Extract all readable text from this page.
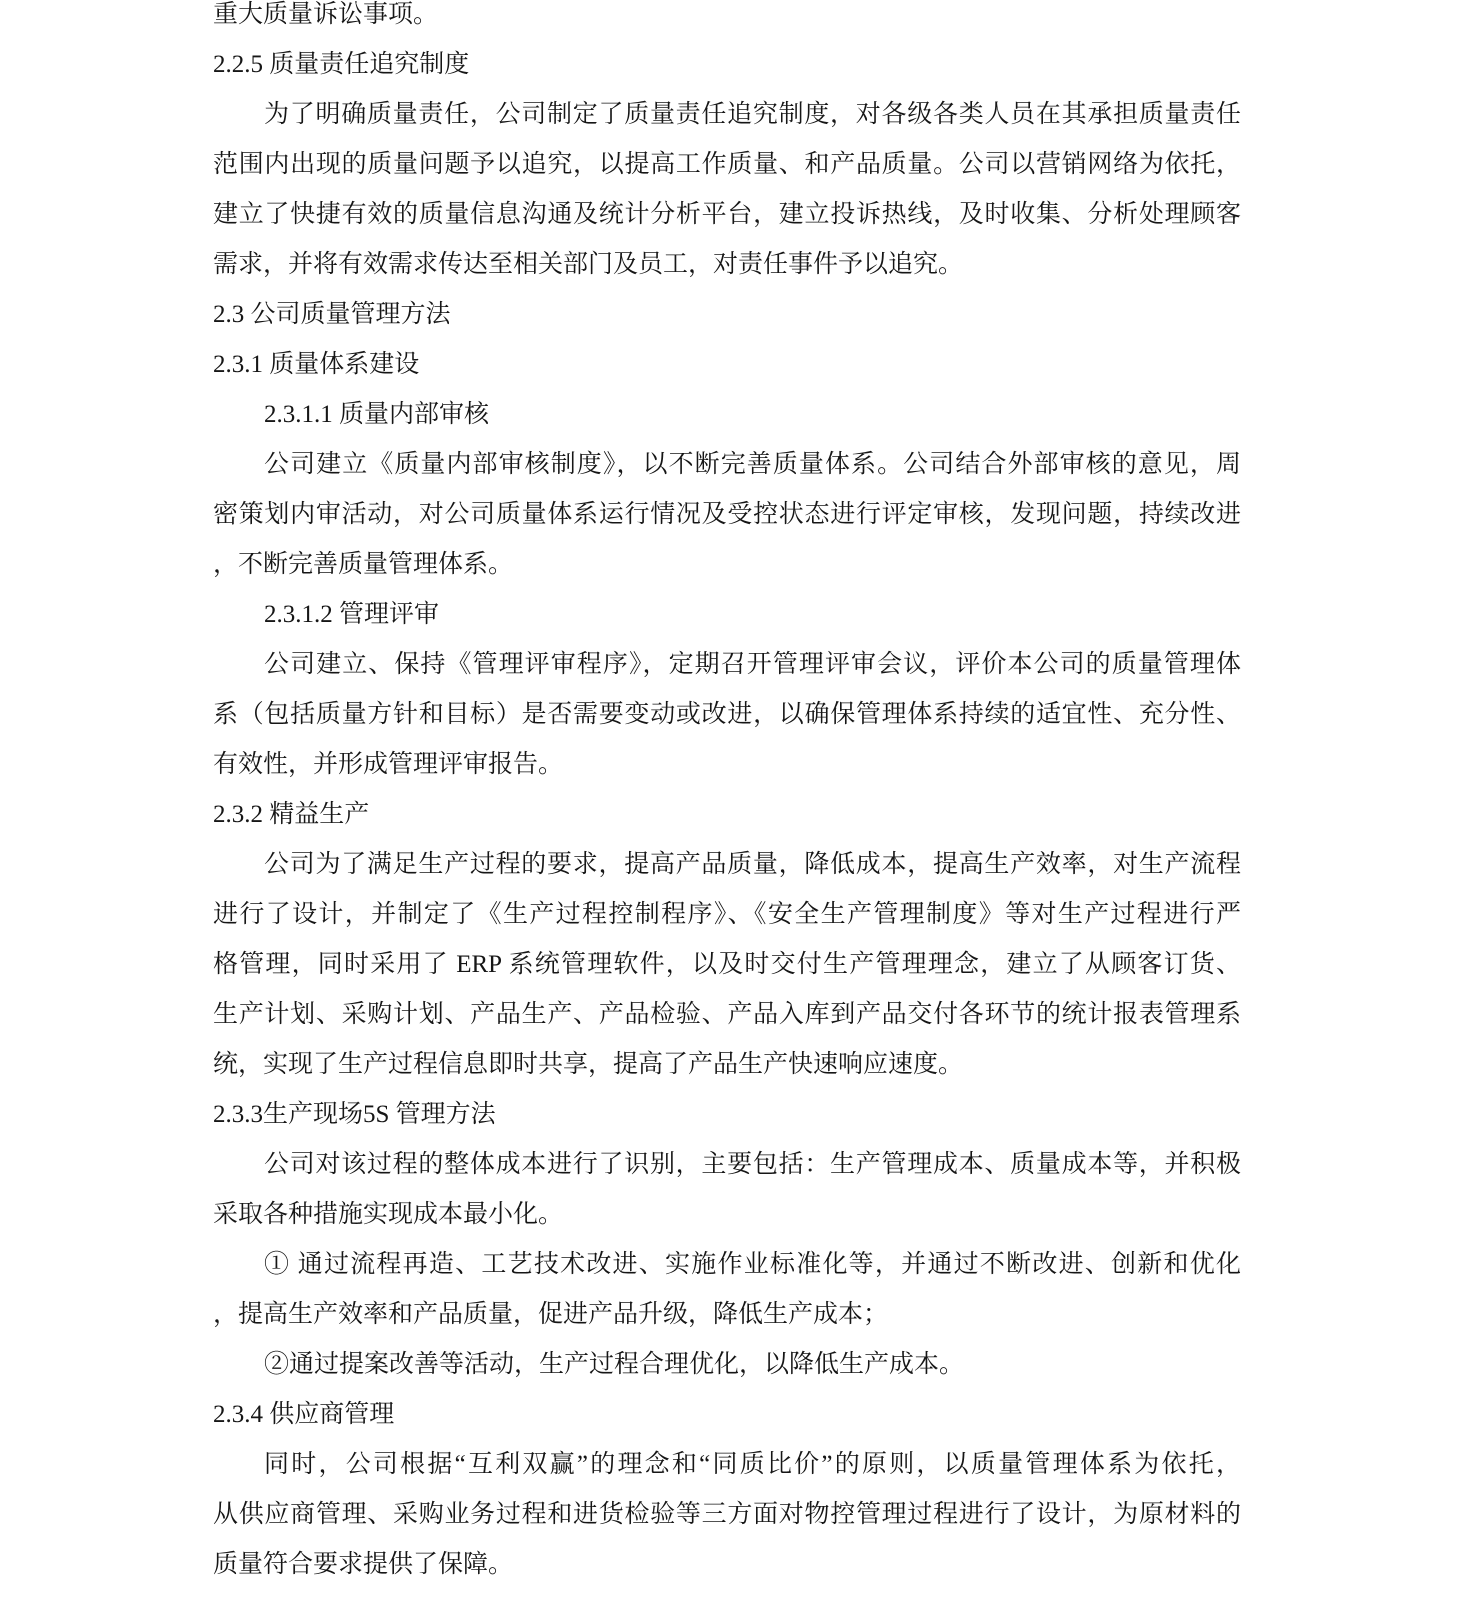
重大质量诉讼事项。
2.2.5 质量责任追究制度
为了明确质量责任，公司制定了质量责任追究制度，对各级各类人员在其承担质量责任
范围内出现的质量问题予以追究，以提高工作质量、和产品质量。公司以营销网络为依托，
建立了快捷有效的质量信息沟通及统计分析平台，建立投诉热线，及时收集、分析处理顾客
需求，并将有效需求传达至相关部门及员工，对责任事件予以追究。
2.3 公司质量管理方法
2.3.1 质量体系建设
2.3.1.1 质量内部审核
公司建立《质量内部审核制度》，以不断完善质量体系。公司结合外部审核的意见，周
密策划内审活动，对公司质量体系运行情况及受控状态进行评定审核，发现问题，持续改进
，不断完善质量管理体系。
2.3.1.2 管理评审
公司建立、保持《管理评审程序》，定期召开管理评审会议，评价本公司的质量管理体
系（包括质量方针和目标）是否需要变动或改进，以确保管理体系持续的适宜性、充分性、
有效性，并形成管理评审报告。
2.3.2 精益生产
公司为了满足生产过程的要求，提高产品质量，降低成本，提高生产效率，对生产流程
进行了设计，并制定了《生产过程控制程序》、《安全生产管理制度》等对生产过程进行严
格管理，同时采用了 ERP 系统管理软件，以及时交付生产管理理念，建立了从顾客订货、
生产计划、采购计划、产品生产、产品检验、产品入库到产品交付各环节的统计报表管理系
统，实现了生产过程信息即时共享，提高了产品生产快速响应速度。
2.3.3生产现场5S 管理方法
公司对该过程的整体成本进行了识别，主要包括：生产管理成本、质量成本等，并积极
采取各种措施实现成本最小化。
① 通过流程再造、工艺技术改进、实施作业标准化等，并通过不断改进、创新和优化
，提高生产效率和产品质量，促进产品升级，降低生产成本；
②通过提案改善等活动，生产过程合理优化，以降低生产成本。
2.3.4 供应商管理
同时，公司根据“互利双赢”的理念和“同质比价”的原则，以质量管理体系为依托，
从供应商管理、采购业务过程和进货检验等三方面对物控管理过程进行了设计，为原材料的
质量符合要求提供了保障。
